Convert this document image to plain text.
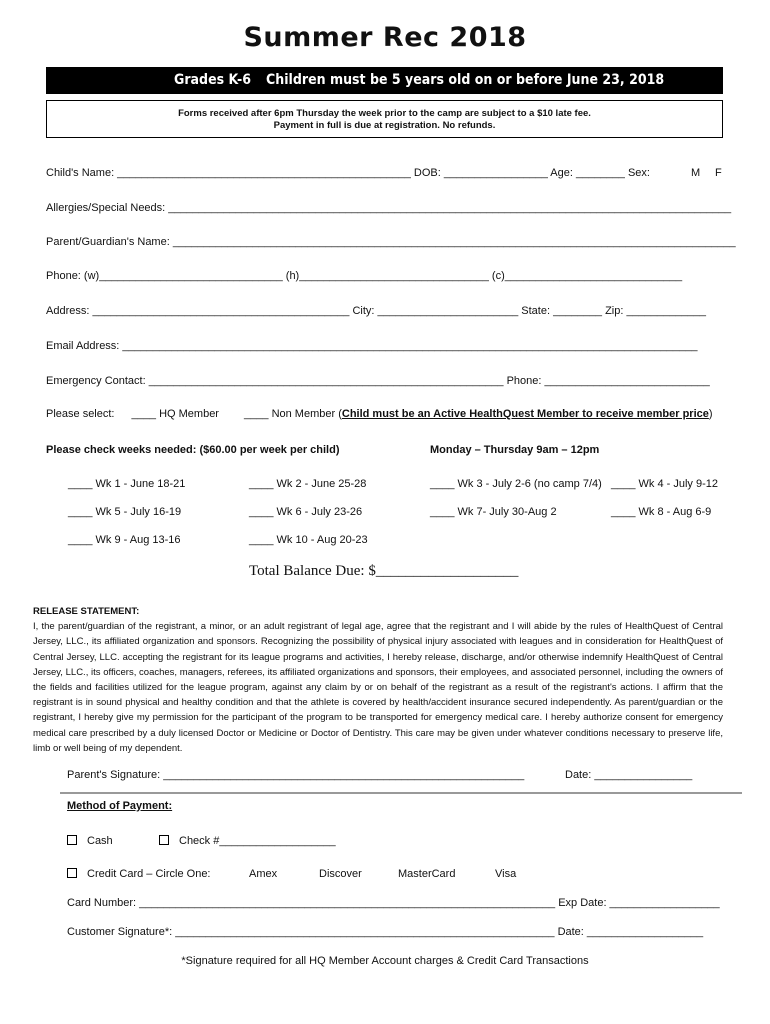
Summer Rec 2018
Grades K-6 Children must be 5 years old on or before June 23, 2018
Forms received after 6pm Thursday the week prior to the camp are subject to a $10 late fee.
Payment in full is due at registration. No refunds.
Child's Name: ________________________________________________ DOB: _________________ Age: ________ Sex:	M F
Allergies/Special Needs: ____________________________________________________________________________________________
Parent/Guardian's Name: ____________________________________________________________________________________________
Phone: (w)______________________________ (h)_______________________________ (c)_____________________________
Address: __________________________________________ City: _______________________ State: ________ Zip: _____________
Email Address: ______________________________________________________________________________________________
Emergency Contact: __________________________________________________________ Phone: ___________________________
Please select: ____ HQ Member ____ Non Member (Child must be an Active HealthQuest Member to receive member price)
Please check weeks needed: ($60.00 per week per child)	Monday – Thursday 9am – 12pm
____ Wk 1 - June 18-21	____ Wk 2 - June 25-28	____ Wk 3 - July 2-6 (no camp 7/4) ____ Wk 4 - July 9-12
____ Wk 5 - July 16-19	____ Wk 6 - July 23-26	____ Wk 7- July 30-Aug 2	____ Wk 8 - Aug 6-9
____ Wk 9 - Aug 13-16	____ Wk 10 - Aug 20-23
Total Balance Due: $___________________
RELEASE STATEMENT:
I, the parent/guardian of the registrant, a minor, or an adult registrant of legal age, agree that the registrant and I will abide by the rules of HealthQuest of Central Jersey, LLC., its affiliated organization and sponsors. Recognizing the possibility of physical injury associated with leagues and in consideration for HealthQuest of Central Jersey, LLC. accepting the registrant for its league programs and activities, I hereby release, discharge, and/or otherwise indemnify HealthQuest of Central Jersey, LLC., its officers, coaches, managers, referees, its affiliated organizations and sponsors, their employees, and associated personnel, including the owners of the fields and facilities utilized for the league program, against any claim by or on behalf of the registrant as a result of the registrant's actions. I affirm that the registrant is in sound physical and healthy condition and that the athlete is covered by health/accident insurance secured independently. As parent/guardian or the registrant, I hereby give my permission for the participant of the program to be transported for emergency medical care. I hereby authorize consent for emergency medical care prescribed by a duly licensed Doctor or Medicine or Doctor of Dentistry. This care may be given under whatever conditions necessary to preserve life, limb or well being of my dependent.
Parent's Signature: ___________________________________________________________	Date: ________________
Method of Payment:
Cash	Check #___________________
Credit Card – Circle One:	Amex	Discover	MasterCard	Visa
Card Number: ____________________________________________________________________ Exp Date: __________________
Customer Signature*: ______________________________________________________________ Date: ___________________
*Signature required for all HQ Member Account charges & Credit Card Transactions
